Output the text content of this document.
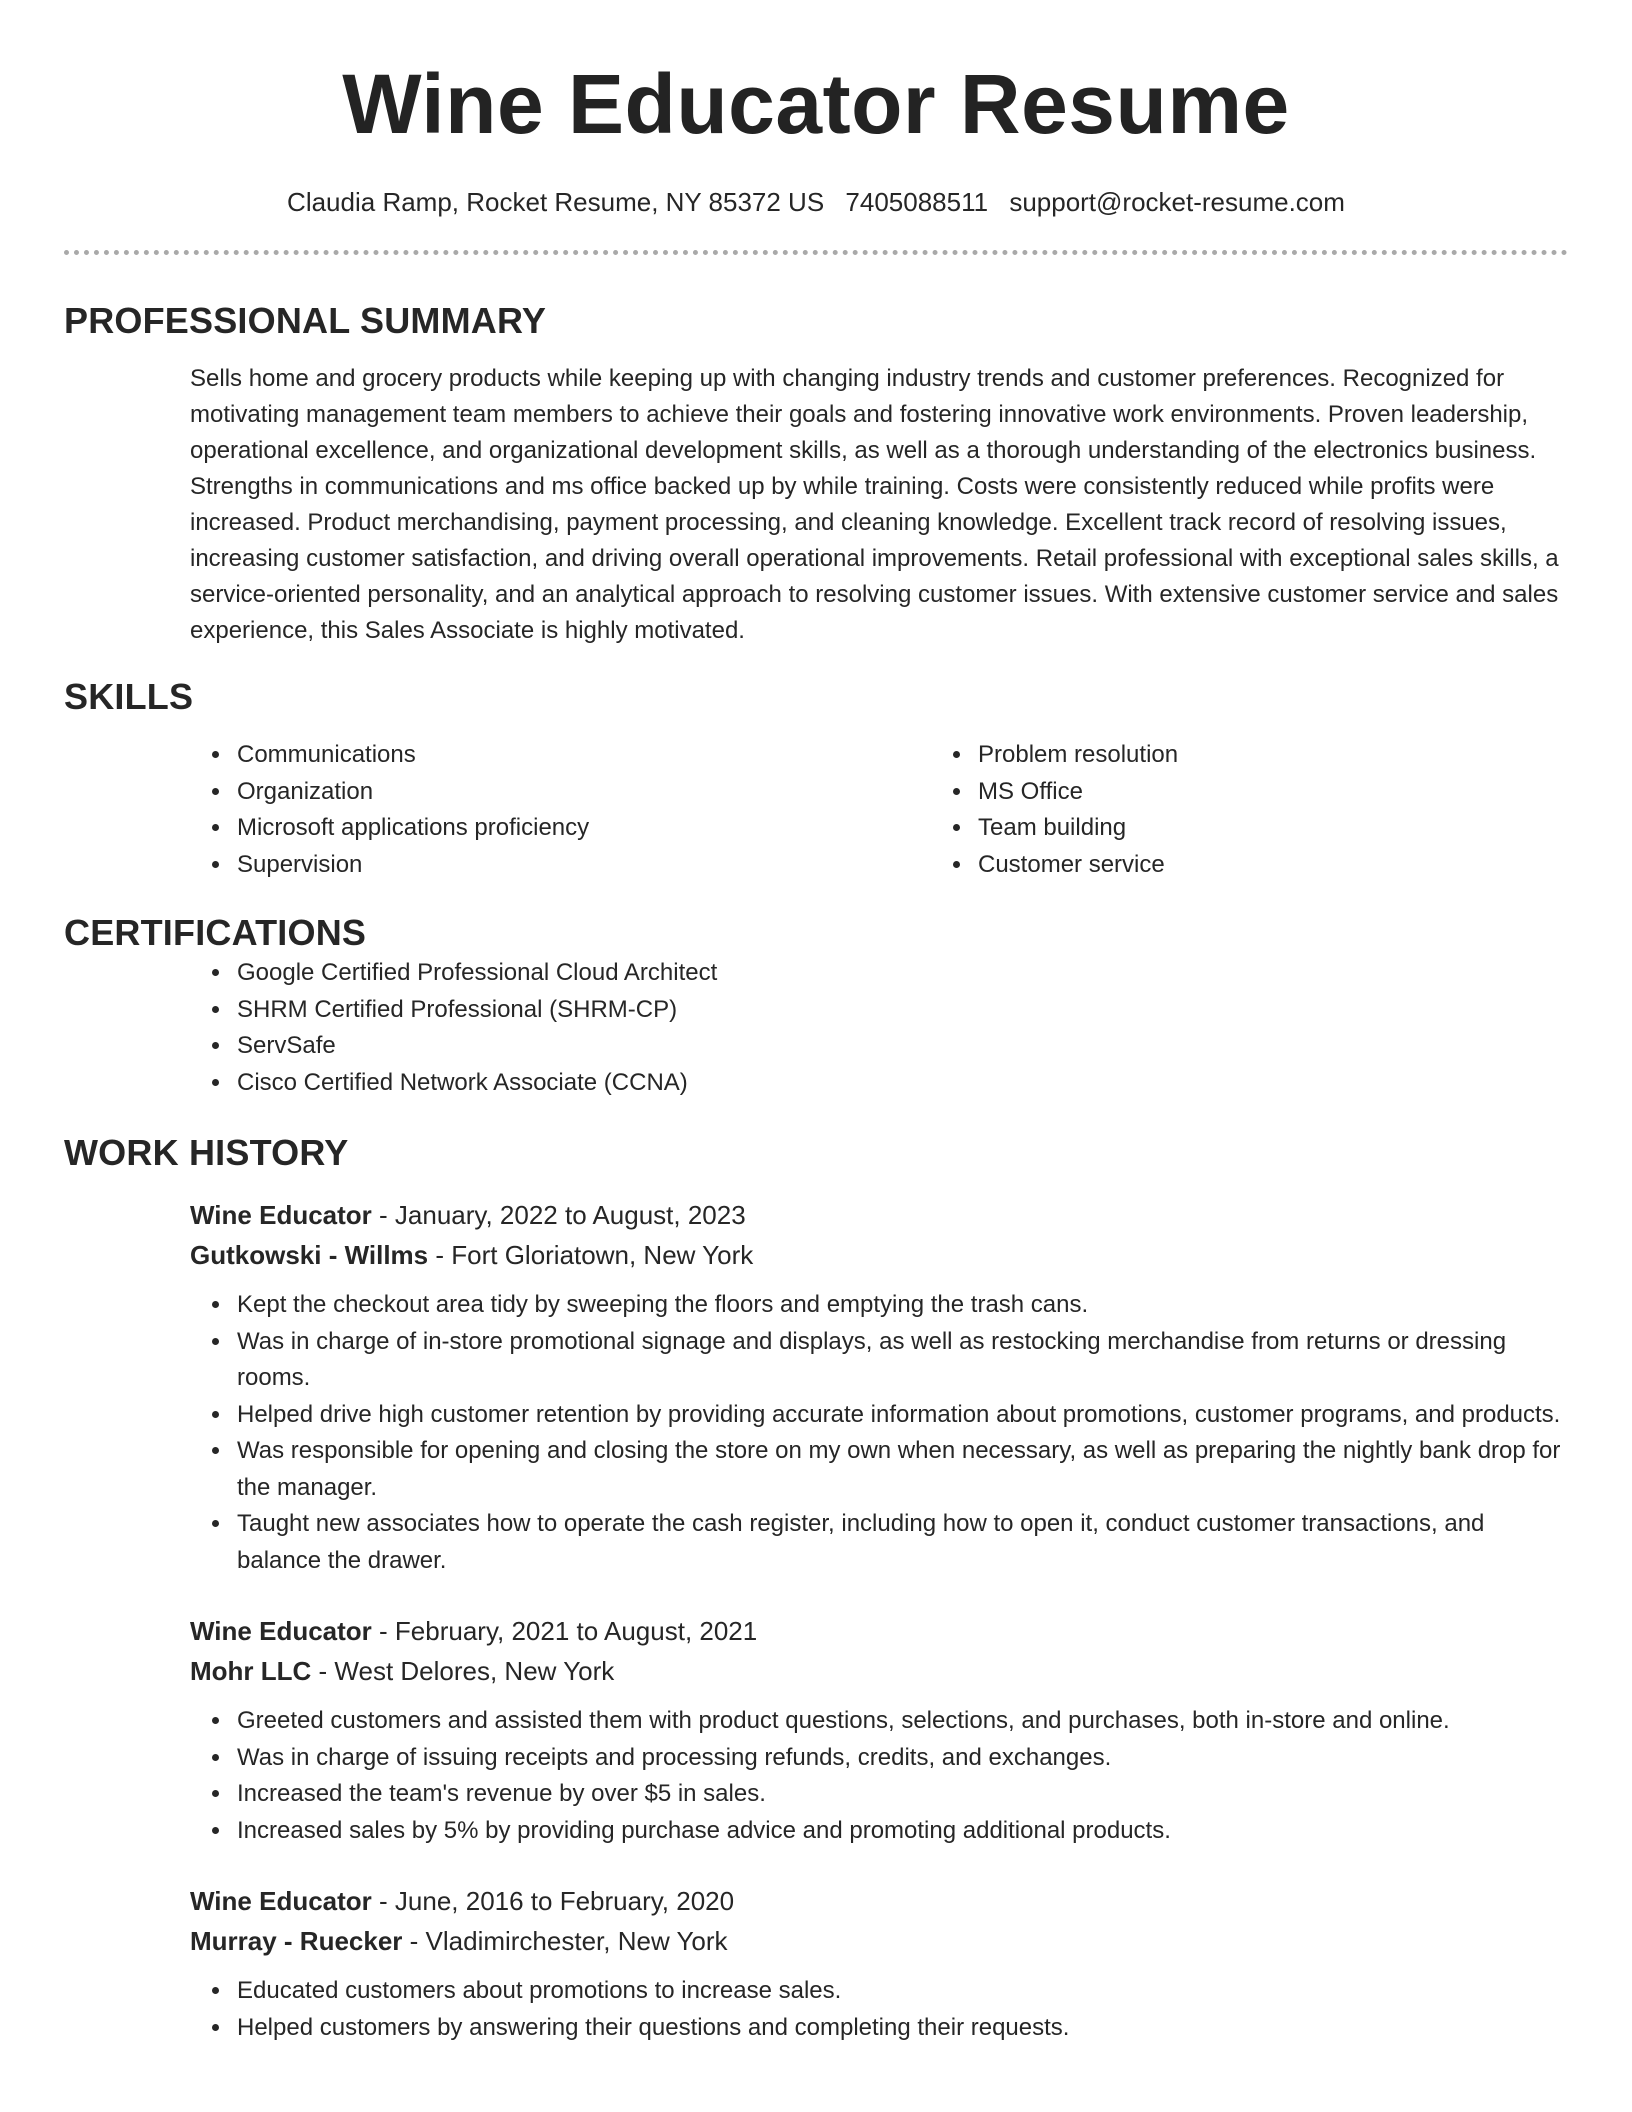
Wine Educator Resume
Claudia Ramp, Rocket Resume, NY 85372 US 7405088511 support@rocket-resume.com
PROFESSIONAL SUMMARY
Sells home and grocery products while keeping up with changing industry trends and customer preferences. Recognized for motivating management team members to achieve their goals and fostering innovative work environments. Proven leadership, operational excellence, and organizational development skills, as well as a thorough understanding of the electronics business. Strengths in communications and ms office backed up by while training. Costs were consistently reduced while profits were increased. Product merchandising, payment processing, and cleaning knowledge. Excellent track record of resolving issues, increasing customer satisfaction, and driving overall operational improvements. Retail professional with exceptional sales skills, a service-oriented personality, and an analytical approach to resolving customer issues. With extensive customer service and sales experience, this Sales Associate is highly motivated.
SKILLS
• Communications
• Organization
• Microsoft applications proficiency
• Supervision
• Problem resolution
• MS Office
• Team building
• Customer service
CERTIFICATIONS
• Google Certified Professional Cloud Architect
• SHRM Certified Professional (SHRM-CP)
• ServSafe
• Cisco Certified Network Associate (CCNA)
WORK HISTORY
Wine Educator - January, 2022 to August, 2023
Gutkowski - Willms - Fort Gloriatown, New York
• Kept the checkout area tidy by sweeping the floors and emptying the trash cans.
• Was in charge of in-store promotional signage and displays, as well as restocking merchandise from returns or dressing rooms.
• Helped drive high customer retention by providing accurate information about promotions, customer programs, and products.
• Was responsible for opening and closing the store on my own when necessary, as well as preparing the nightly bank drop for the manager.
• Taught new associates how to operate the cash register, including how to open it, conduct customer transactions, and balance the drawer.
Wine Educator - February, 2021 to August, 2021
Mohr LLC - West Delores, New York
• Greeted customers and assisted them with product questions, selections, and purchases, both in-store and online.
• Was in charge of issuing receipts and processing refunds, credits, and exchanges.
• Increased the team's revenue by over $5 in sales.
• Increased sales by 5% by providing purchase advice and promoting additional products.
Wine Educator - June, 2016 to February, 2020
Murray - Ruecker - Vladimirchester, New York
• Educated customers about promotions to increase sales.
• Helped customers by answering their questions and completing their requests.
